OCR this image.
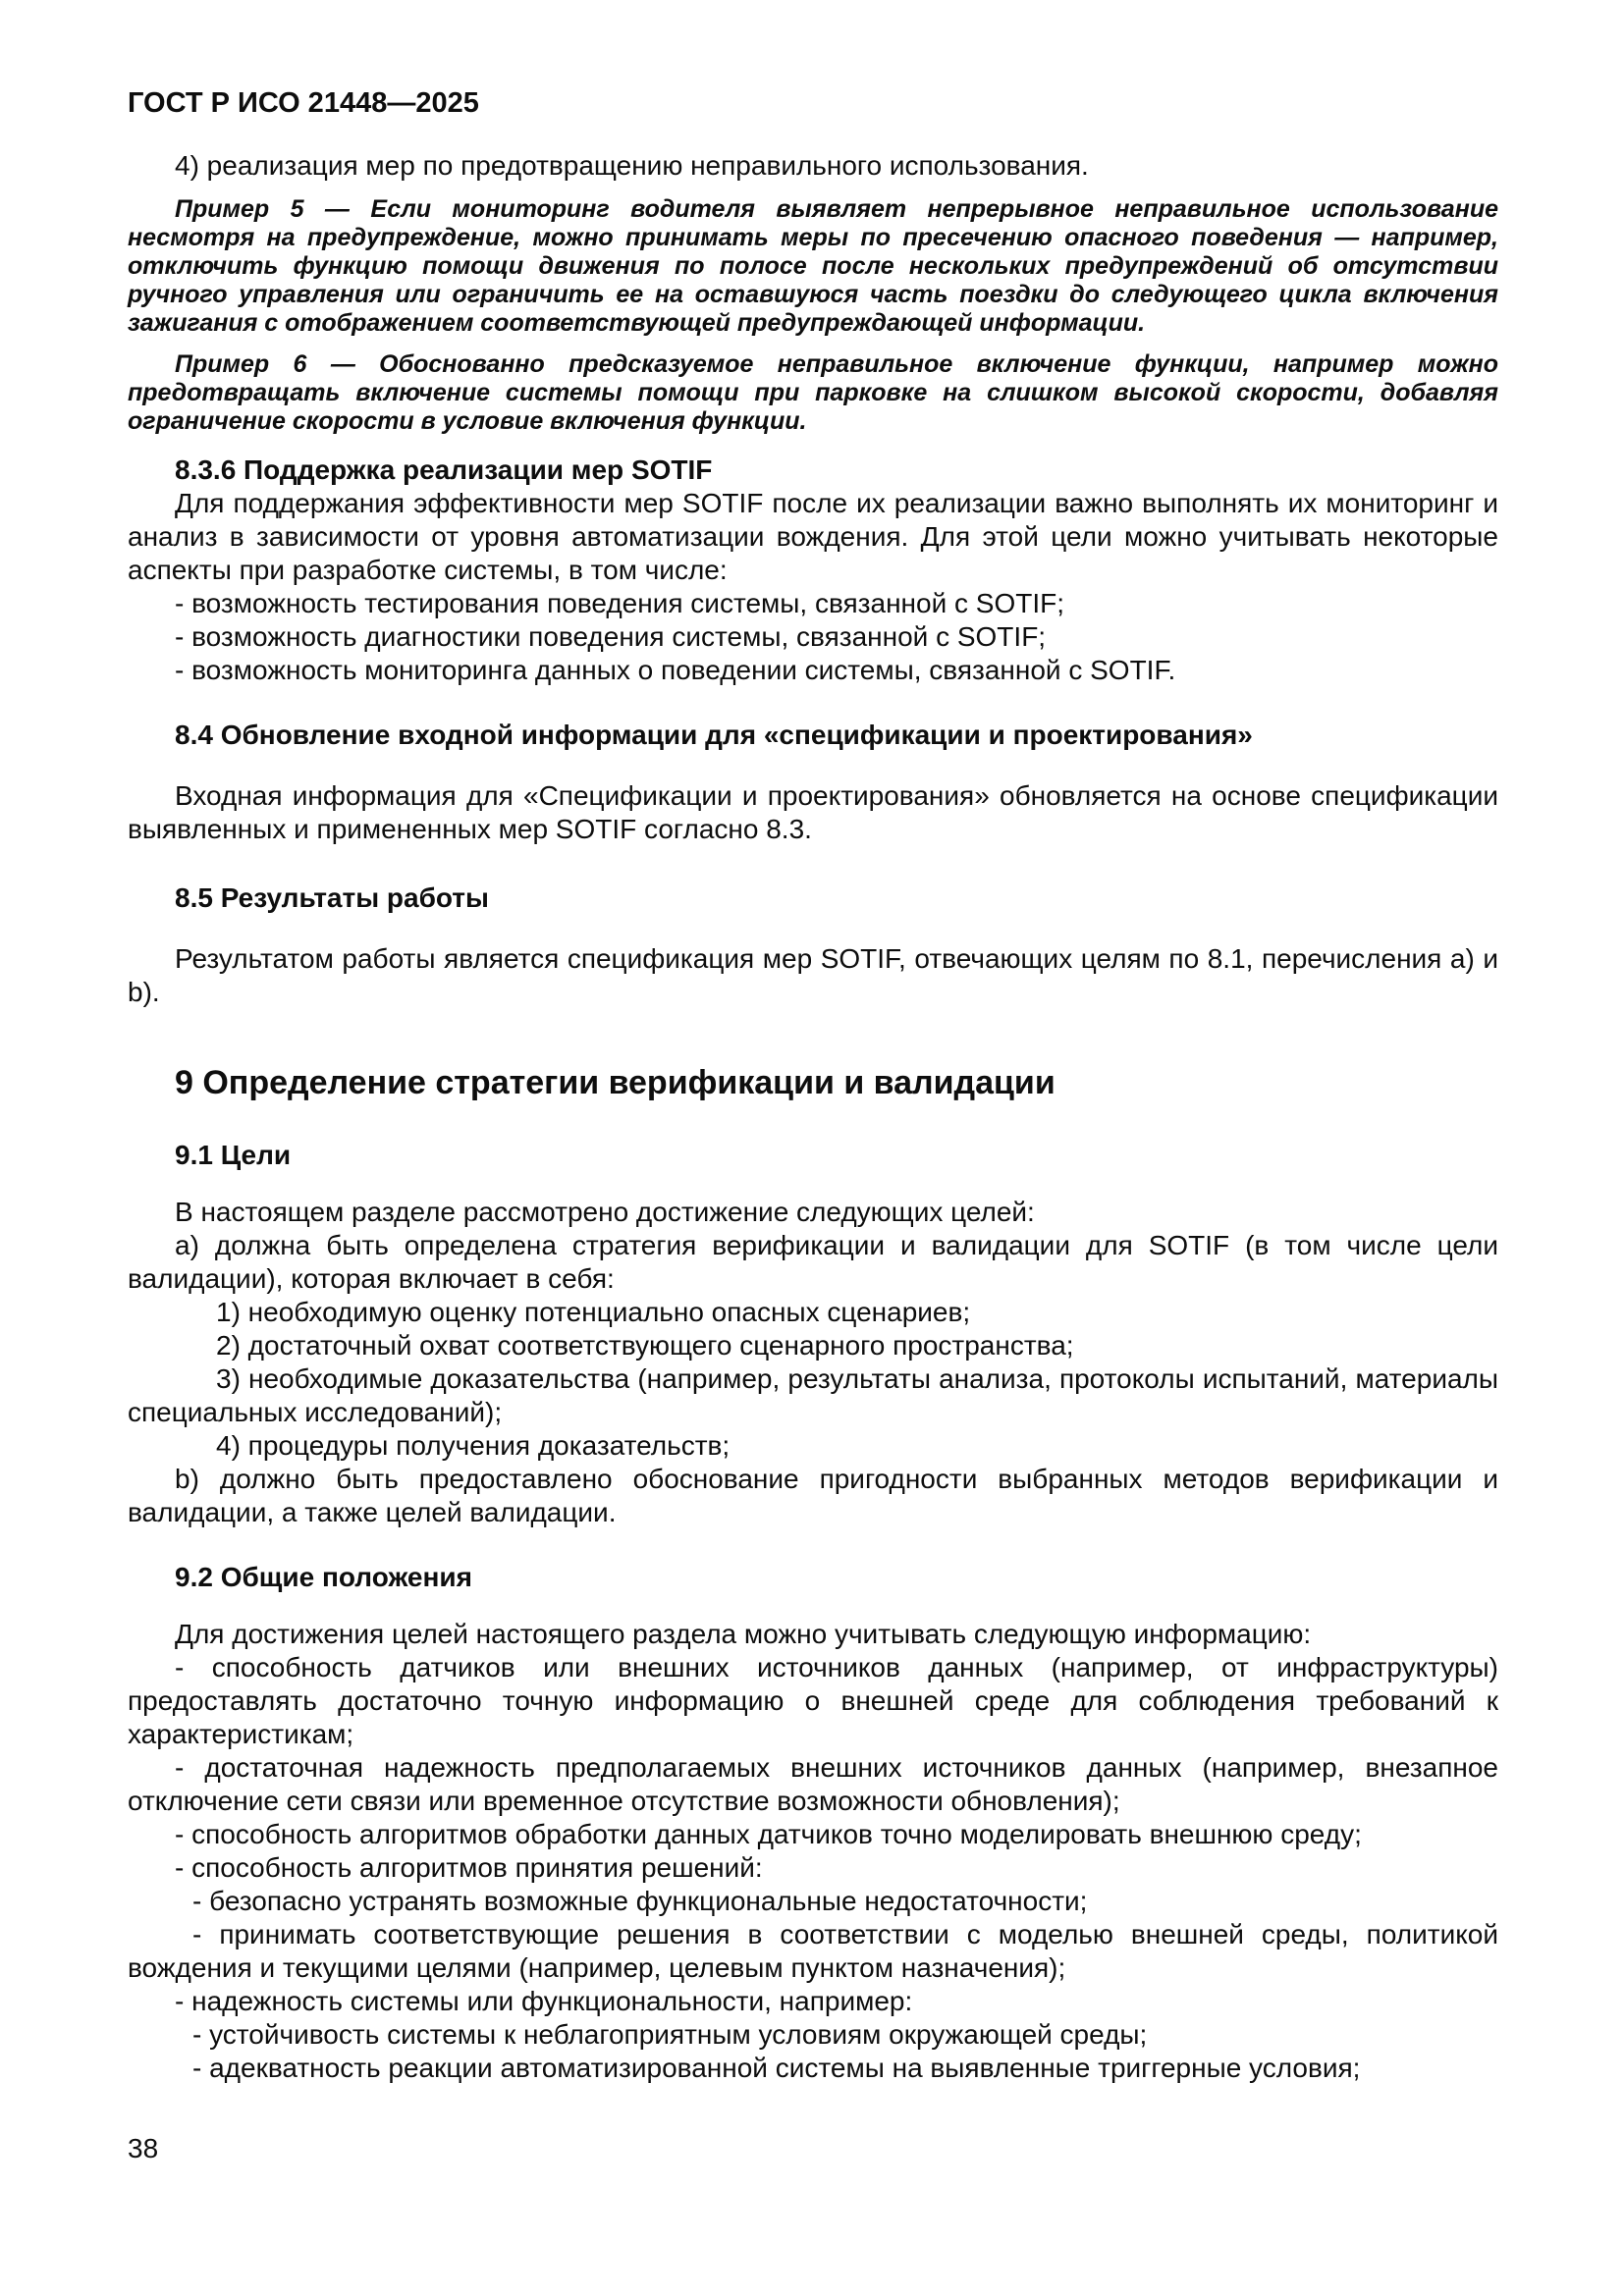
ГОСТ Р ИСО 21448—2025

4) реализация мер по предотвращению неправильного использования.

Пример 5 — Если мониторинг водителя выявляет непрерывное неправильное использование несмотря на предупреждение, можно принимать меры по пресечению опасного поведения — например, отключить функцию помощи движения по полосе после нескольких предупреждений об отсутствии ручного управления или ограничить ее на оставшуюся часть поездки до следующего цикла включения зажигания с отображением соответствующей предупреждающей информации.

Пример 6 — Обоснованно предсказуемое неправильное включение функции, например можно предотвращать включение системы помощи при парковке на слишком высокой скорости, добавляя ограничение скорости в условие включения функции.

8.3.6 Поддержка реализации мер SOTIF

Для поддержания эффективности мер SOTIF после их реализации важно выполнять их мониторинг и анализ в зависимости от уровня автоматизации вождения. Для этой цели можно учитывать некоторые аспекты при разработке системы, в том числе:

- возможность тестирования поведения системы, связанной с SOTIF;

- возможность диагностики поведения системы, связанной с SOTIF;

- возможность мониторинга данных о поведении системы, связанной с SOTIF.

8.4 Обновление входной информации для «спецификации и проектирования»

Входная информация для «Спецификации и проектирования» обновляется на основе спецификации выявленных и примененных мер SOTIF согласно 8.3.

8.5 Результаты работы

Результатом работы является спецификация мер SOTIF, отвечающих целям по 8.1, перечисления a) и b).

9 Определение стратегии верификации и валидации
9.1 Цели

В настоящем разделе рассмотрено достижение следующих целей:

a) должна быть определена стратегия верификации и валидации для SOTIF (в том числе цели валидации), которая включает в себя:

1) необходимую оценку потенциально опасных сценариев;

2) достаточный охват соответствующего сценарного пространства;

3) необходимые доказательства (например, результаты анализа, протоколы испытаний, материалы специальных исследований);

4) процедуры получения доказательств;

b) должно быть предоставлено обоснование пригодности выбранных методов верификации и валидации, а также целей валидации.

9.2 Общие положения

Для достижения целей настоящего раздела можно учитывать следующую информацию:

- способность датчиков или внешних источников данных (например, от инфраструктуры) предоставлять достаточно точную информацию о внешней среде для соблюдения требований к характеристикам;

- достаточная надежность предполагаемых внешних источников данных (например, внезапное отключение сети связи или временное отсутствие возможности обновления);

- способность алгоритмов обработки данных датчиков точно моделировать внешнюю среду;

- способность алгоритмов принятия решений:

- безопасно устранять возможные функциональные недостаточности;

- принимать соответствующие решения в соответствии с моделью внешней среды, политикой вождения и текущими целями (например, целевым пунктом назначения);

- надежность системы или функциональности, например:

- устойчивость системы к неблагоприятным условиям окружающей среды;

- адекватность реакции автоматизированной системы на выявленные триггерные условия;

38
